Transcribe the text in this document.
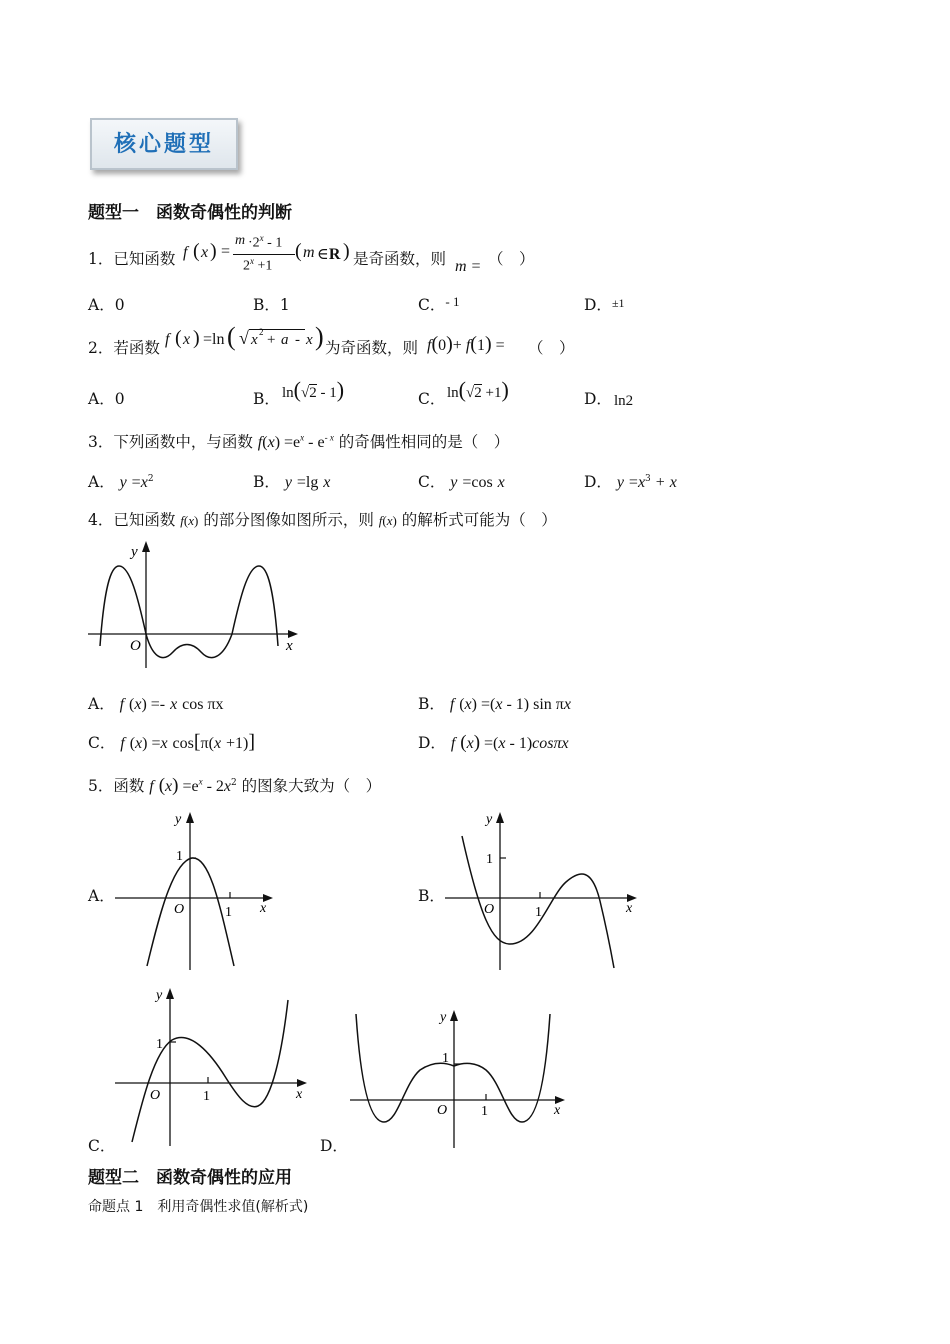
核心题型
题型一　函数奇偶性的判断
1．已知函数 f ( x ) =
$m \cdot 2^x - 1$
$2^x +1$
( m ∈R ) 是奇函数，则 m = （　）
A．0	B．1	C．$^{- 1}$	D．±1
2．若函数 f ( x ) =ln ( √ x 2 + a - x ) 为奇函数，则 f(0)+ f(1) = （　）
A．0	B． ln(√2 - 1)	C． ln(√2 +1)	D． ln2
3．下列函数中，与函数 $f(x) =e^x - e^{- x}$ 的奇偶性相同的是（　）
A． $y =x^2$	B． y =lg x	C． y =cos x	D． $y =x^3 + x$
4．已知函数 f(x) 的部分图像如图所示，则 f(x) 的解析式可能为（　）
y
x
O
A． f (x) =- x cos πx	B． f (x) =(x - 1) sin πx
C． f (x) =x cos[π(x +1)]	D． f (x) =(x - 1)cosπx
5．函数 f $(x) =e^x - 2x^2$ 的图象大致为（　）
A．
y
x
O	1
1
B．
y
x
O	1
1
y
x
O	1
1
C．	D．
y
x
O 1
1
题型二　函数奇偶性的应用
命题点 1　利用奇偶性求值(解析式)
